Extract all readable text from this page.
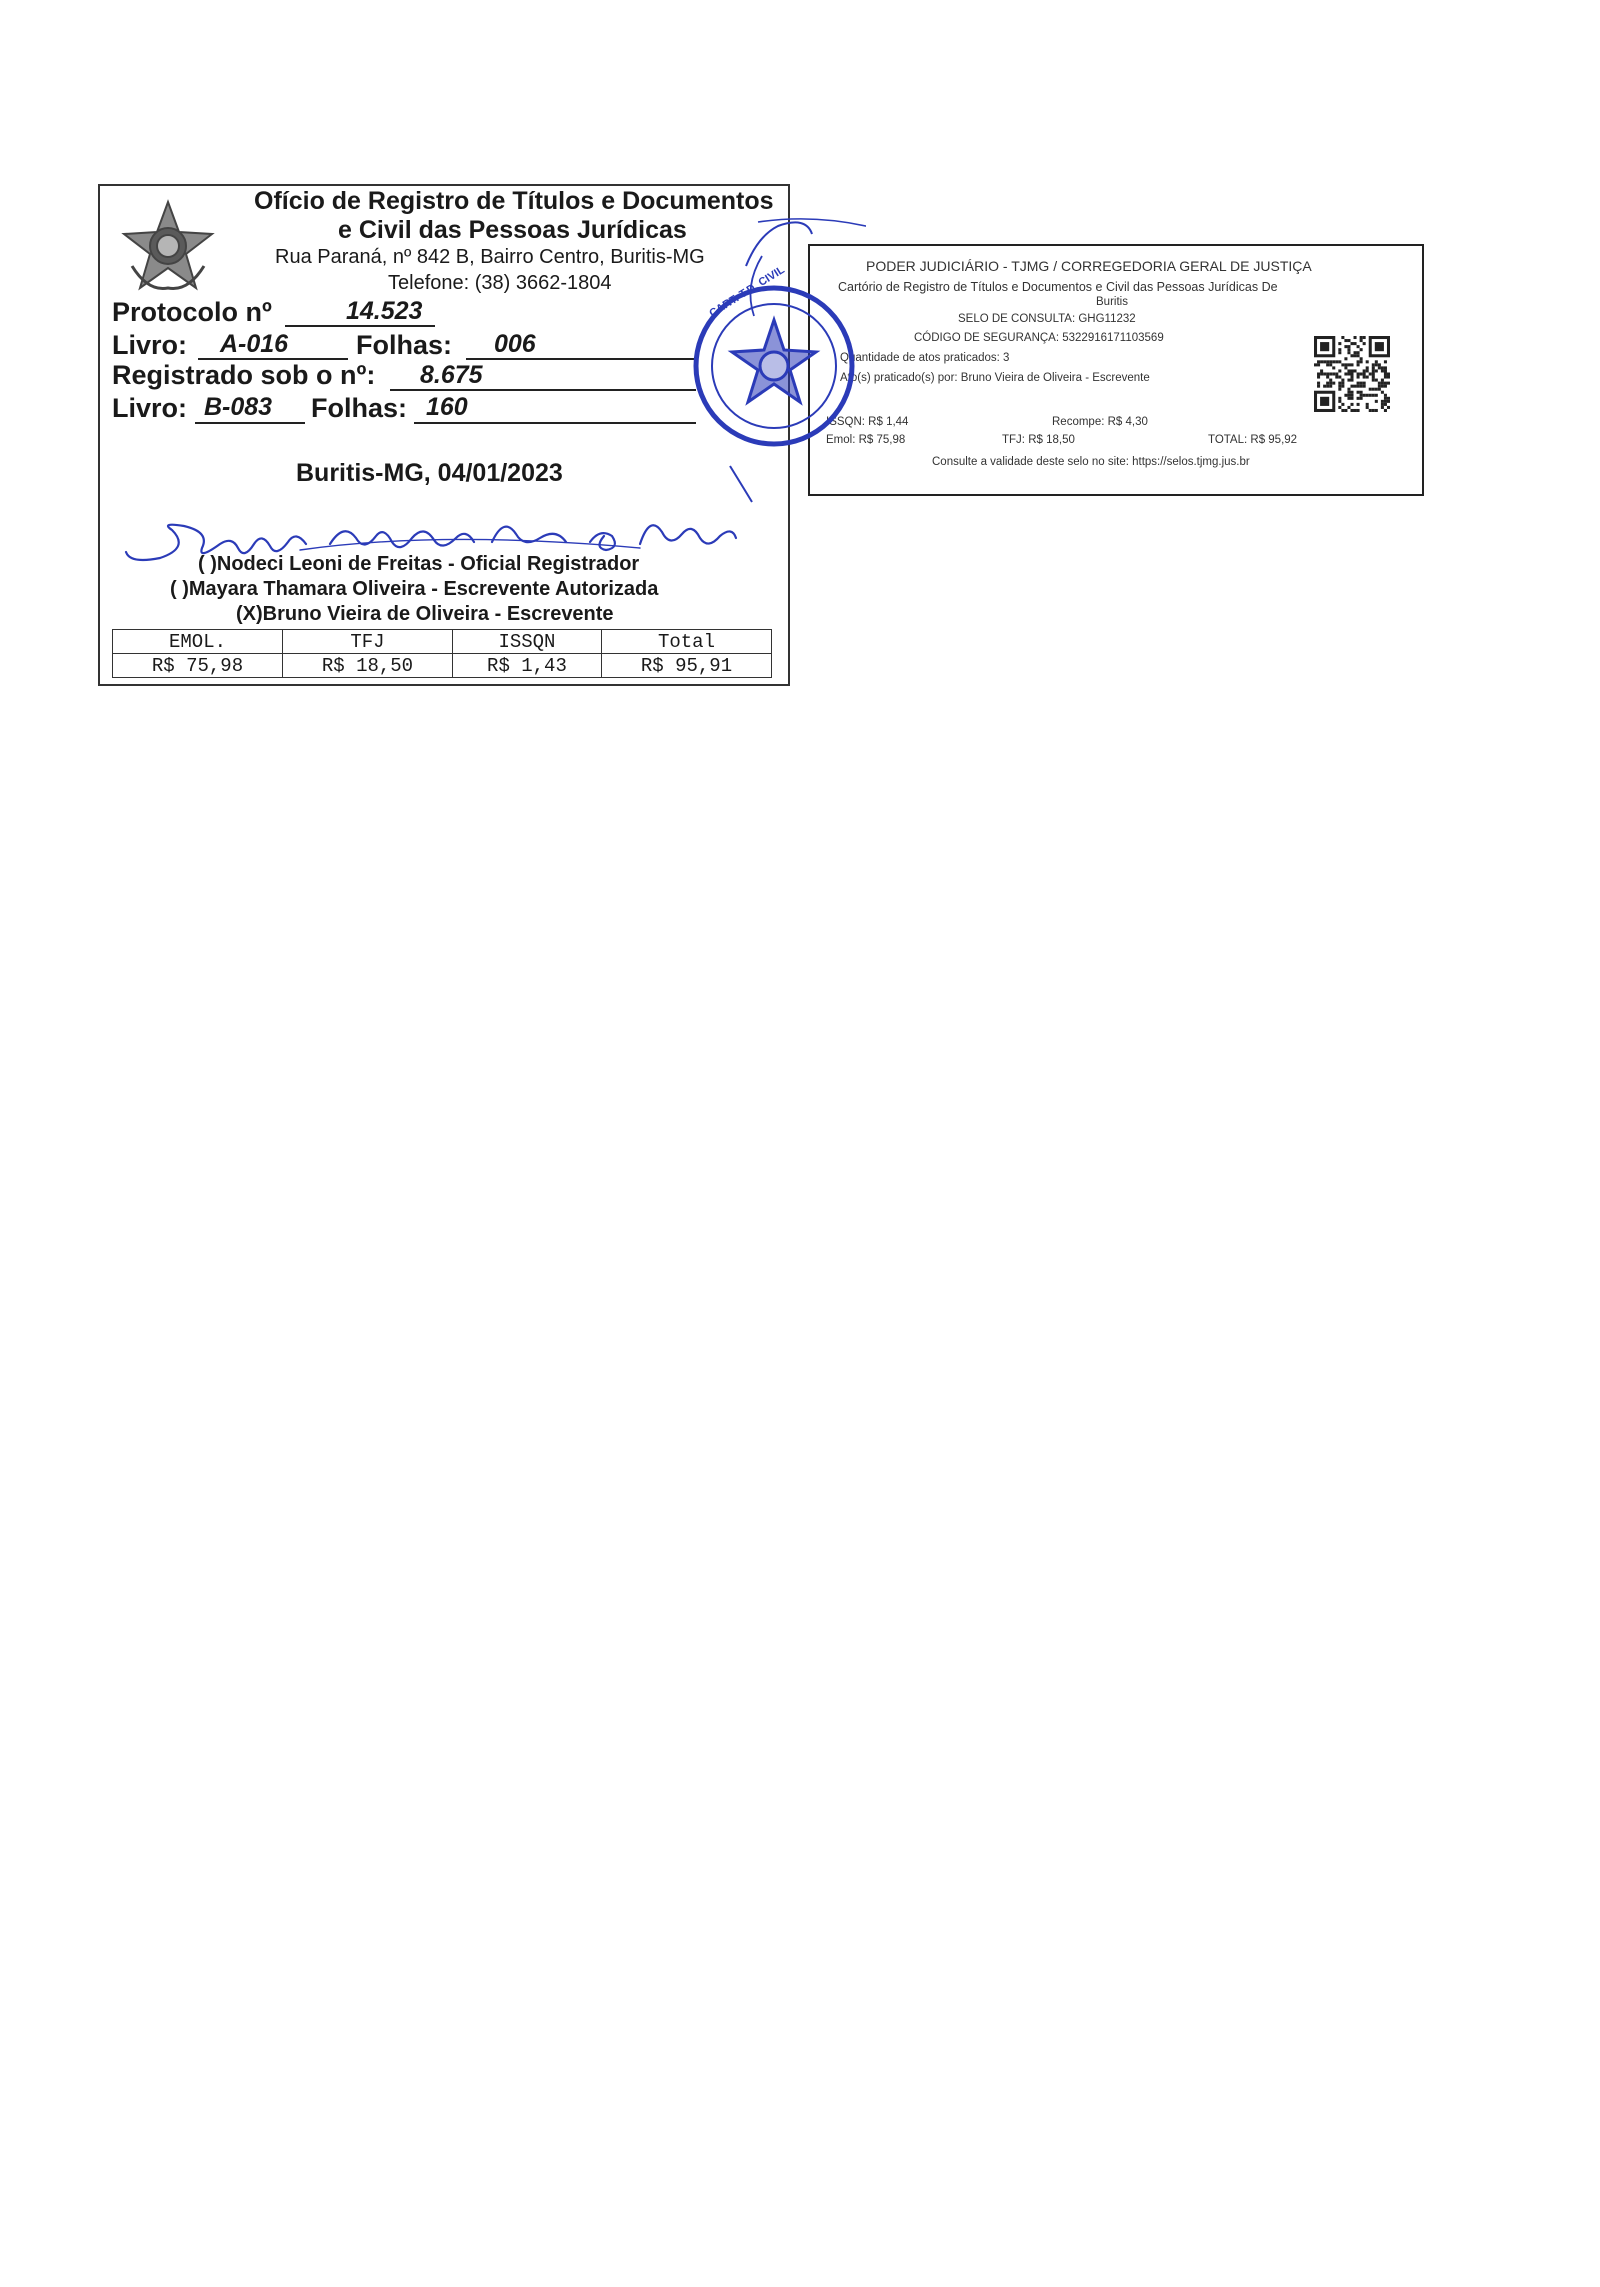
Ofício de Registro de Títulos e Documentos
e Civil das Pessoas Jurídicas
Rua Paraná, nº 842 B, Bairro Centro, Buritis-MG
Telefone: (38) 3662-1804
Protocolo nº	14.523
Livro: A-016	Folhas: 006
Registrado sob o nº: 8.675
Livro: B-083 Folhas: 160
Buritis-MG, 04/01/2023
( )Nodeci Leoni de Freitas - Oficial Registrador
( )Mayara Thamara Oliveira - Escrevente Autorizada
(X)Bruno Vieira de Oliveira - Escrevente
EMOL.	TFJ	ISSQN	Total
R$ 75,98	R$ 18,50	R$ 1,43	R$ 95,91
PODER JUDICIÁRIO - TJMG / CORREGEDORIA GERAL DE JUSTIÇA
Cartório de Registro de Títulos e Documentos e Civil das Pessoas Jurídicas De
Buritis
SELO DE CONSULTA: GHG11232
CÓDIGO DE SEGURANÇA: 5322916171103569
Quantidade de atos praticados: 3
Ato(s) praticado(s) por: Bruno Vieira de Oliveira - Escrevente
ISSQN: R$ 1,44	Recompe: R$ 4,30
Emol: R$ 75,98	TFJ: R$ 18,50	TOTAL: R$ 95,92
Consulte a validade deste selo no site: https://selos.tjmg.jus.br
CART. T.D. CIVIL
